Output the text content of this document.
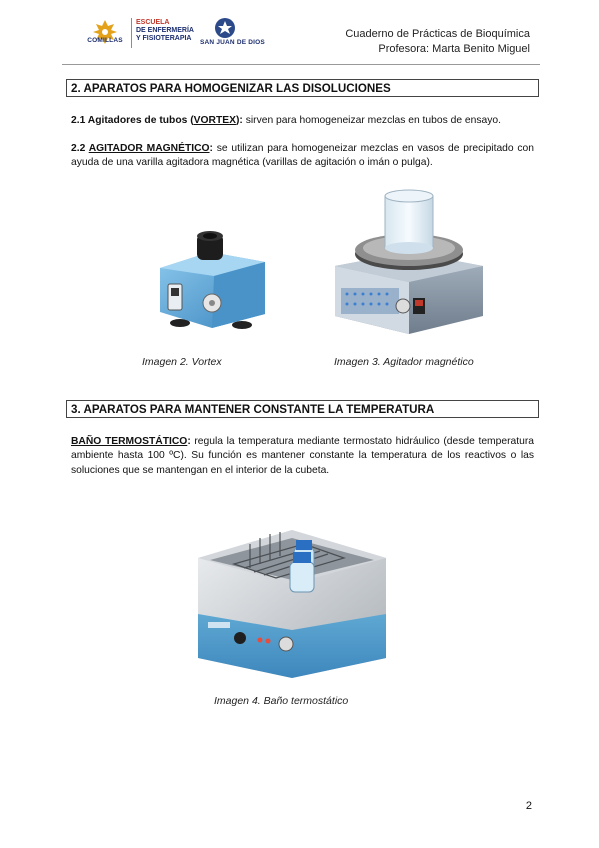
COMILLAS
ESCUELA
DE ENFERMERÍA
Y FISIOTERAPIA
SAN JUAN DE DIOS
Cuaderno de Prácticas de Bioquímica
Profesora: Marta Benito Miguel
2. APARATOS PARA HOMOGENIZAR LAS DISOLUCIONES
2.1 Agitadores de tubos (VORTEX): sirven para homogeneizar mezclas en tubos de ensayo.
2.2 AGITADOR MAGNÉTICO: se utilizan para homogeneizar mezclas en vasos de precipitado con ayuda de una varilla agitadora magnética (varillas de agitación o imán o pulga).
Imagen 2. Vortex	Imagen 3. Agitador magnético
3. APARATOS PARA MANTENER CONSTANTE LA TEMPERATURA
BAÑO TERMOSTÁTICO: regula la temperatura mediante termostato hidráulico (desde temperatura ambiente hasta 100 ºC). Su función es mantener constante la temperatura de los reactivos o las soluciones que se mantengan en el interior de la cubeta.
Imagen 4. Baño termostático
2
